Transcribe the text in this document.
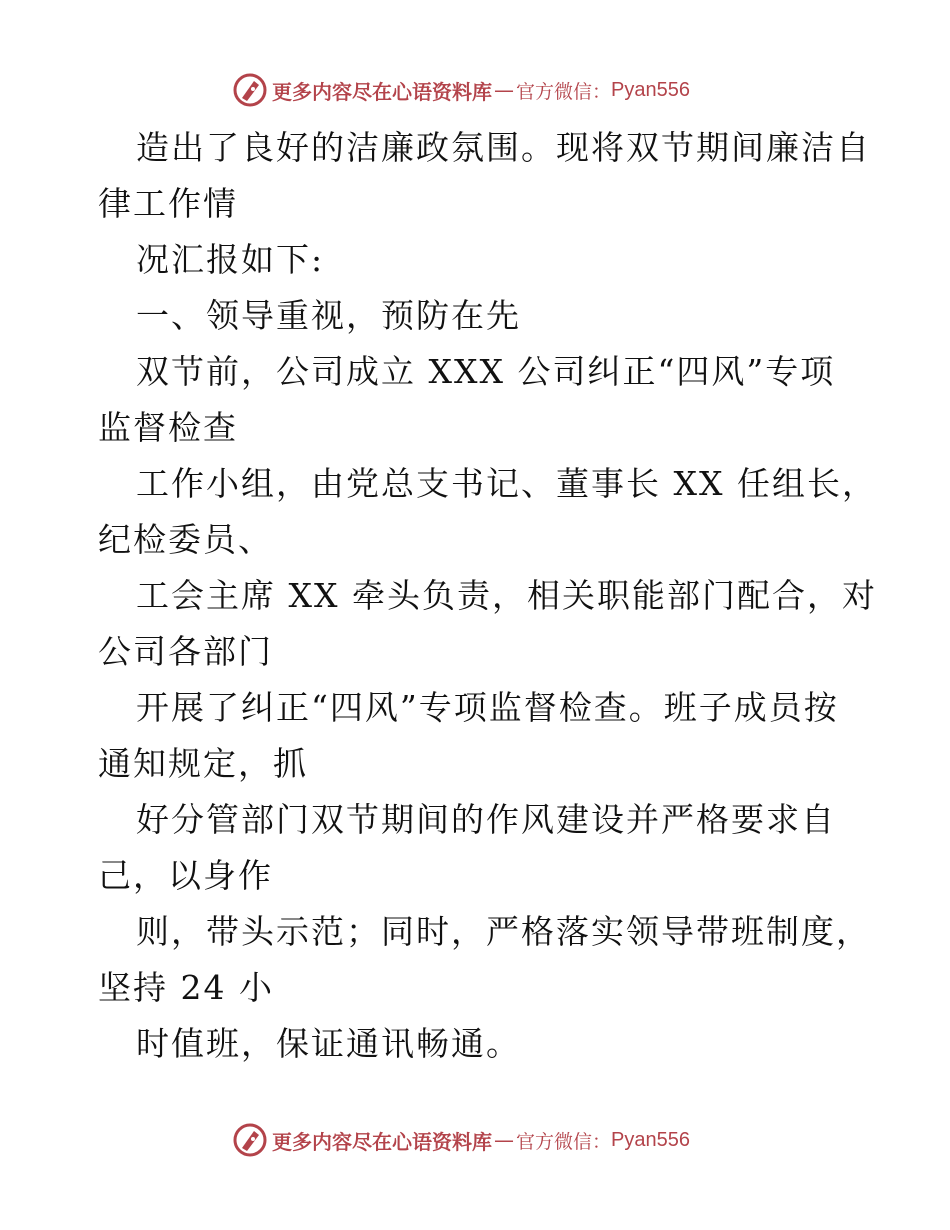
更多内容尽在心语资料库 — 官方微信： Pyan556
造出了良好的洁廉政氛围。现将双节期间廉洁自
律工作情
况汇报如下:
一、领导重视，预防在先
双节前，公司成立 XXX 公司纠正“四风”专项
监督检查
工作小组，由党总支书记、董事长 XX 任组长，
纪检委员、
工会主席 XX 牵头负责，相关职能部门配合，对
公司各部门
开展了纠正“四风”专项监督检查。班子成员按
通知规定，抓
好分管部门双节期间的作风建设并严格要求自
己，以身作
则，带头示范；同时，严格落实领导带班制度，
坚持 24 小
时值班，保证通讯畅通。
更多内容尽在心语资料库 — 官方微信： Pyan556
